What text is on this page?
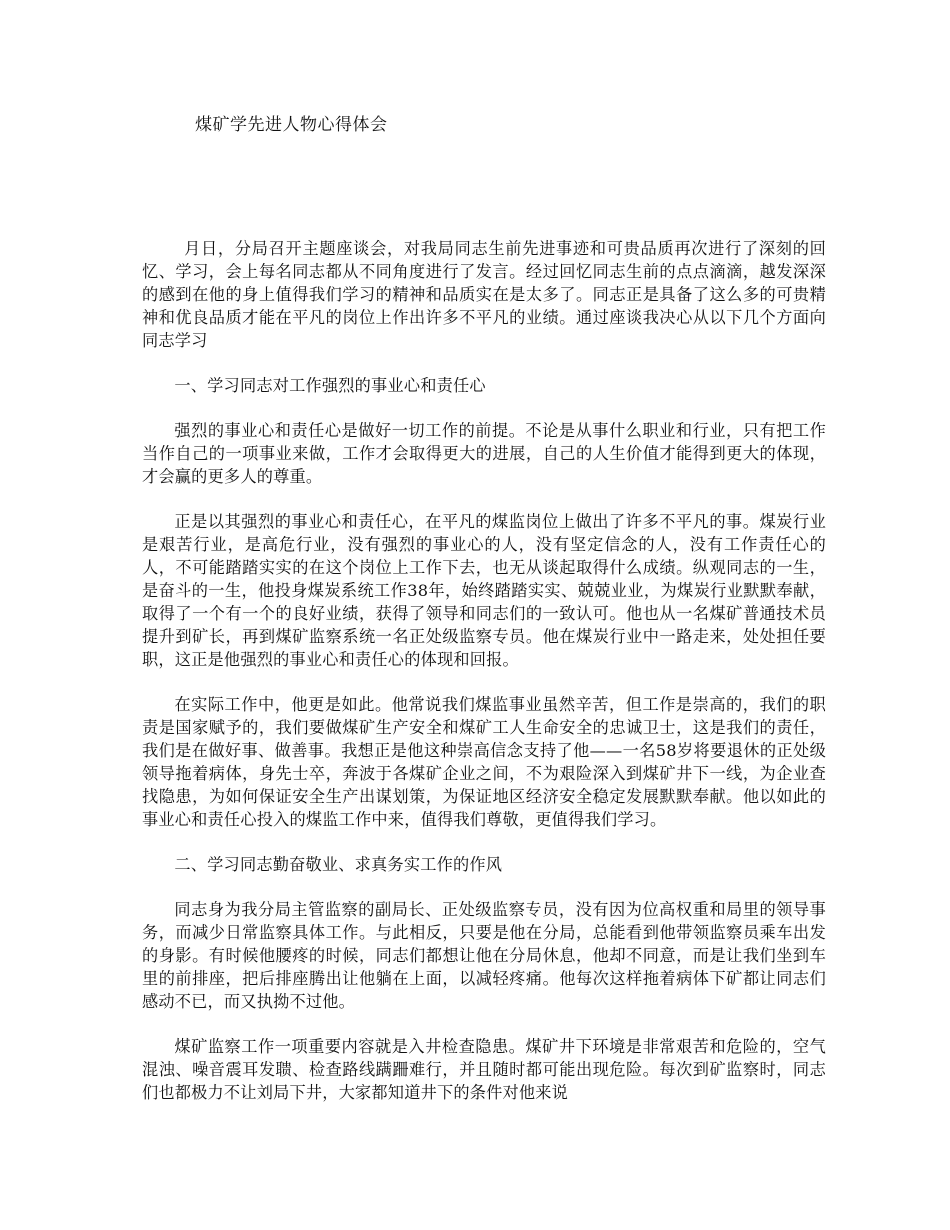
煤矿学先进人物心得体会

月日，分局召开主题座谈会，对我局同志生前先进事迹和可贵品质再次进行了深刻的回忆、学习，会上每名同志都从不同角度进行了发言。经过回忆同志生前的点点滴滴，越发深深的感到在他的身上值得我们学习的精神和品质实在是太多了。同志正是具备了这么多的可贵精神和优良品质才能在平凡的岗位上作出许多不平凡的业绩。通过座谈我决心从以下几个方面向同志学习

一、学习同志对工作强烈的事业心和责任心

强烈的事业心和责任心是做好一切工作的前提。不论是从事什么职业和行业，只有把工作当作自己的一项事业来做，工作才会取得更大的进展，自己的人生价值才能得到更大的体现，才会赢的更多人的尊重。

正是以其强烈的事业心和责任心，在平凡的煤监岗位上做出了许多不平凡的事。煤炭行业是艰苦行业，是高危行业，没有强烈的事业心的人，没有坚定信念的人，没有工作责任心的人，不可能踏踏实实的在这个岗位上工作下去，也无从谈起取得什么成绩。纵观同志的一生，是奋斗的一生，他投身煤炭系统工作38年，始终踏踏实实、兢兢业业，为煤炭行业默默奉献，取得了一个有一个的良好业绩，获得了领导和同志们的一致认可。他也从一名煤矿普通技术员提升到矿长，再到煤矿监察系统一名正处级监察专员。他在煤炭行业中一路走来，处处担任要职，这正是他强烈的事业心和责任心的体现和回报。

在实际工作中，他更是如此。他常说我们煤监事业虽然辛苦，但工作是崇高的，我们的职责是国家赋予的，我们要做煤矿生产安全和煤矿工人生命安全的忠诚卫士，这是我们的责任，我们是在做好事、做善事。我想正是他这种崇高信念支持了他——一名58岁将要退休的正处级领导拖着病体，身先士卒，奔波于各煤矿企业之间，不为艰险深入到煤矿井下一线，为企业查找隐患，为如何保证安全生产出谋划策，为保证地区经济安全稳定发展默默奉献。他以如此的事业心和责任心投入的煤监工作中来，值得我们尊敬，更值得我们学习。

二、学习同志勤奋敬业、求真务实工作的作风

同志身为我分局主管监察的副局长、正处级监察专员，没有因为位高权重和局里的领导事务，而减少日常监察具体工作。与此相反，只要是他在分局，总能看到他带领监察员乘车出发的身影。有时候他腰疼的时候，同志们都想让他在分局休息，他却不同意，而是让我们坐到车里的前排座，把后排座腾出让他躺在上面，以减轻疼痛。他每次这样拖着病体下矿都让同志们感动不已，而又执拗不过他。

煤矿监察工作一项重要内容就是入井检查隐患。煤矿井下环境是非常艰苦和危险的，空气混浊、噪音震耳发聩、检查路线蹒跚难行，并且随时都可能出现危险。每次到矿监察时，同志们也都极力不让刘局下井，大家都知道井下的条件对他来说
